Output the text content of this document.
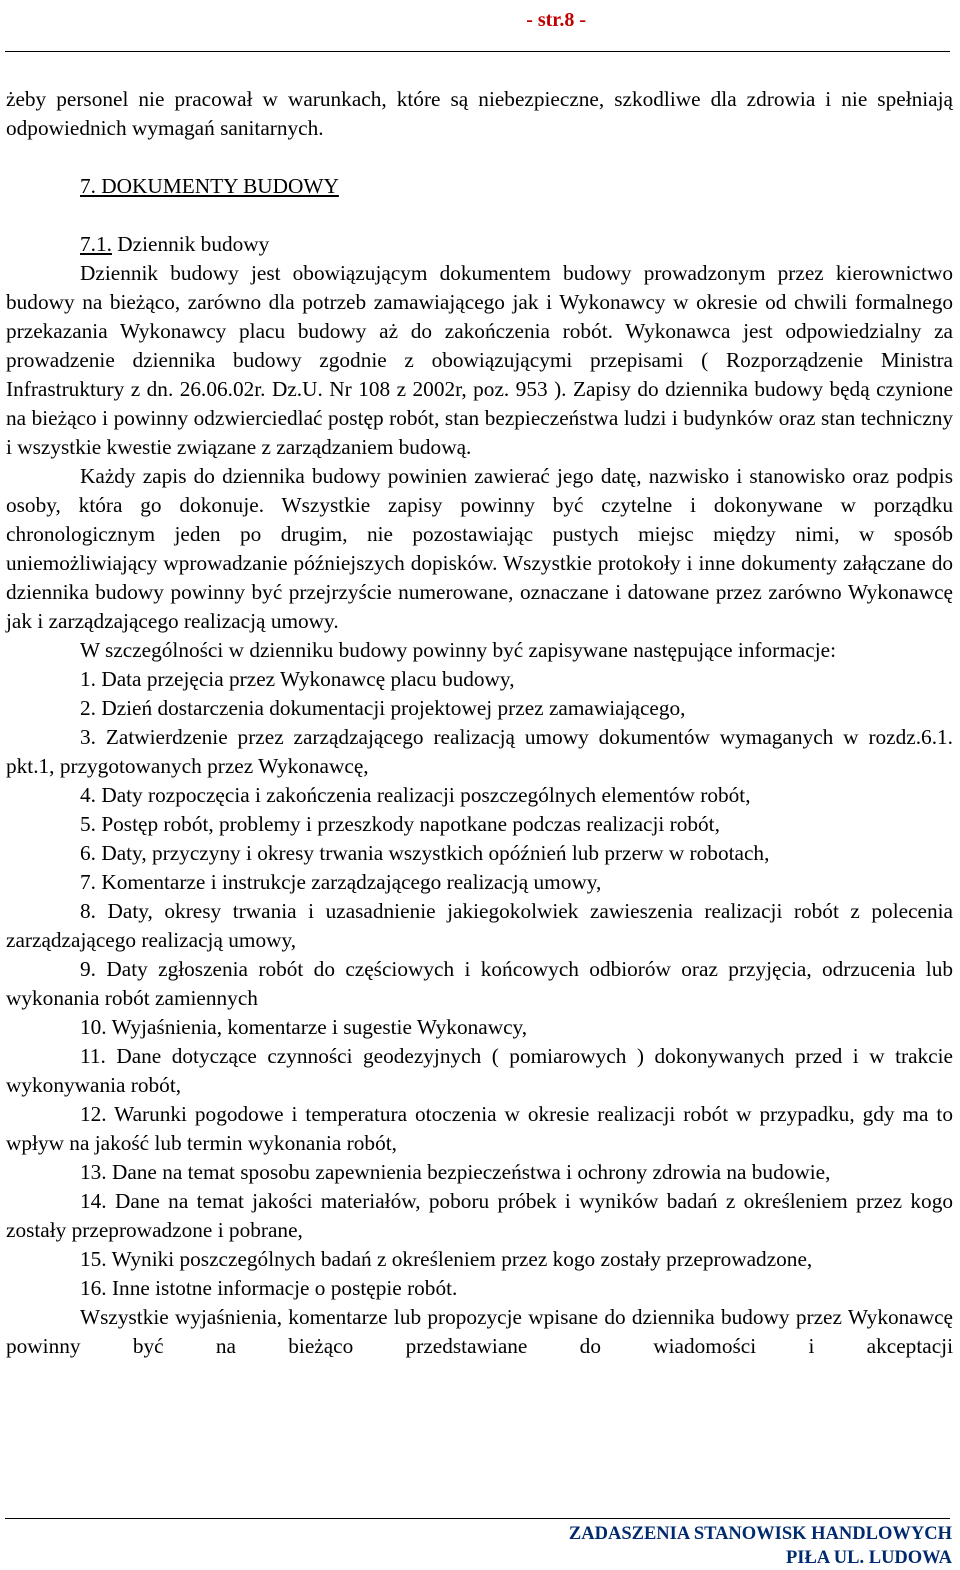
- str.8 -

żeby personel nie pracował w warunkach, które są niebezpieczne, szkodliwe dla zdrowia i nie spełniają odpowiednich wymagań sanitarnych.

7. DOKUMENTY BUDOWY

7.1. Dziennik budowy

Dziennik budowy jest obowiązującym dokumentem budowy prowadzonym przez kierownictwo budowy na bieżąco, zarówno dla potrzeb zamawiającego jak i Wykonawcy w okresie od chwili formalnego przekazania Wykonawcy placu budowy aż do zakończenia robót. Wykonawca jest odpowiedzialny za prowadzenie dziennika budowy zgodnie z obowiązującymi przepisami ( Rozporządzenie Ministra Infrastruktury z dn. 26.06.02r. Dz.U. Nr 108 z 2002r, poz. 953 ). Zapisy do dziennika budowy będą czynione na bieżąco i powinny odzwierciedlać postęp robót, stan bezpieczeństwa ludzi i budynków oraz stan techniczny i wszystkie kwestie związane z zarządzaniem budową.

Każdy zapis do dziennika budowy powinien zawierać jego datę, nazwisko i stanowisko oraz podpis osoby, która go dokonuje. Wszystkie zapisy powinny być czytelne i dokonywane w porządku chronologicznym jeden po drugim, nie pozostawiając pustych miejsc między nimi, w sposób uniemożliwiający wprowadzanie późniejszych dopisków. Wszystkie protokoły i inne dokumenty załączane do dziennika budowy powinny być przejrzyście numerowane, oznaczane i datowane przez zarówno Wykonawcę jak i zarządzającego realizacją umowy.

W szczególności w dzienniku budowy powinny być zapisywane następujące informacje:

1. Data przejęcia przez Wykonawcę placu budowy,

2. Dzień dostarczenia dokumentacji projektowej przez zamawiającego,

3. Zatwierdzenie przez zarządzającego realizacją umowy dokumentów wymaganych w rozdz.6.1. pkt.1, przygotowanych przez Wykonawcę,

4. Daty rozpoczęcia i zakończenia realizacji poszczególnych elementów robót,

5. Postęp robót, problemy i przeszkody napotkane podczas realizacji robót,

6. Daty, przyczyny i okresy trwania wszystkich opóźnień lub przerw w robotach,

7. Komentarze i instrukcje zarządzającego realizacją umowy,

8. Daty, okresy trwania i uzasadnienie jakiegokolwiek zawieszenia realizacji robót z polecenia zarządzającego realizacją umowy,

9. Daty zgłoszenia robót do częściowych i końcowych odbiorów oraz przyjęcia, odrzucenia lub wykonania robót zamiennych

10. Wyjaśnienia, komentarze i sugestie Wykonawcy,

11. Dane dotyczące czynności geodezyjnych ( pomiarowych ) dokonywanych przed i w trakcie wykonywania robót,

12. Warunki pogodowe i temperatura otoczenia w okresie realizacji robót w przypadku, gdy ma to wpływ na jakość lub termin wykonania robót,

13. Dane na temat sposobu zapewnienia bezpieczeństwa i ochrony zdrowia na budowie,

14. Dane na temat jakości materiałów, poboru próbek i wyników badań z określeniem przez kogo zostały przeprowadzone i pobrane,

15. Wyniki poszczególnych badań z określeniem przez kogo zostały przeprowadzone,

16. Inne istotne informacje o postępie robót.

Wszystkie wyjaśnienia, komentarze lub propozycje wpisane do dziennika budowy przez Wykonawcę powinny być na bieżąco przedstawiane do wiadomości i akceptacji

ZADASZENIA STANOWISK HANDLOWYCH
PIŁA UL. LUDOWA
